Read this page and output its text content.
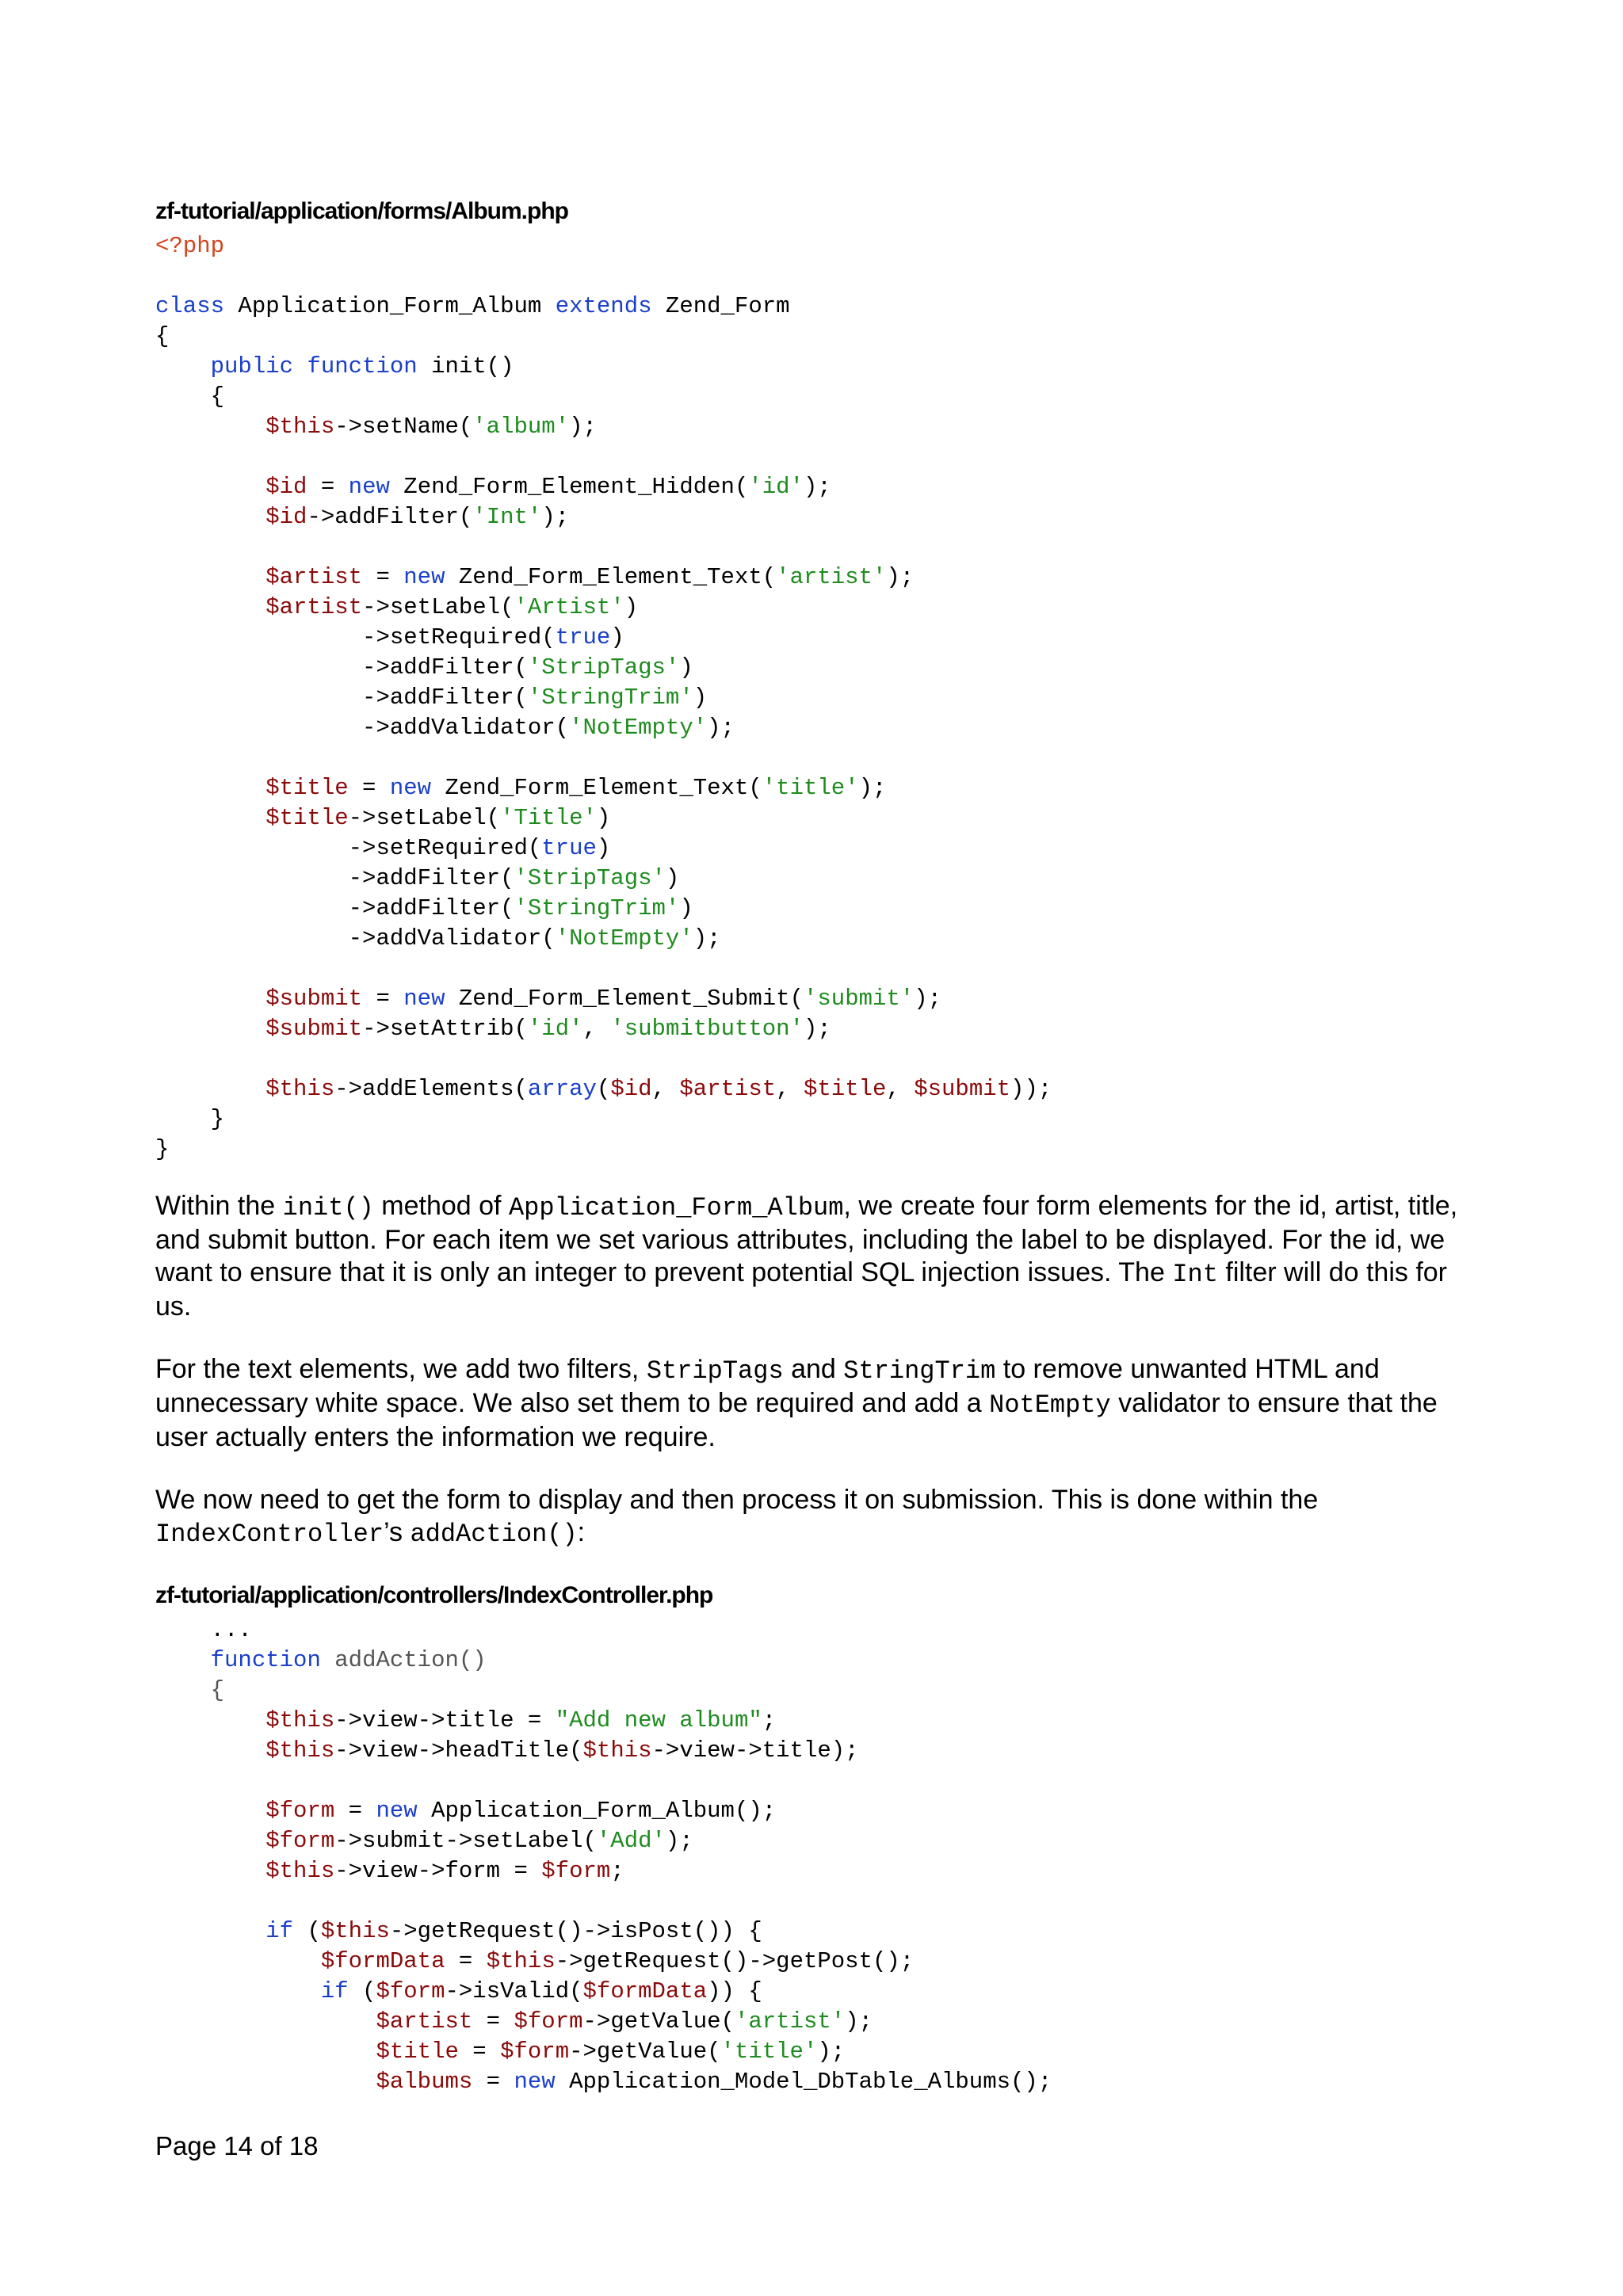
zf-tutorial/application/forms/Album.php
<?php
class Application_Form_Album extends Zend_Form
{
public function init()
{
$this->setName('album');
$id = new Zend_Form_Element_Hidden('id');
$id->addFilter('Int');
$artist = new Zend_Form_Element_Text('artist');
$artist->setLabel('Artist')
->setRequired(true)
->addFilter('StripTags')
->addFilter('StringTrim')
->addValidator('NotEmpty');
$title = new Zend_Form_Element_Text('title');
$title->setLabel('Title')
->setRequired(true)
->addFilter('StripTags')
->addFilter('StringTrim')
->addValidator('NotEmpty');
$submit = new Zend_Form_Element_Submit('submit');
$submit->setAttrib('id', 'submitbutton');
$this->addElements(array($id, $artist, $title, $submit));
}
}

Within the init() method of Application_Form_Album, we create four form elements for the id, artist, title, and submit button. For each item we set various attributes, including the label to be displayed. For the id, we want to ensure that it is only an integer to prevent potential SQL injection issues. The Int filter will do this for us.

For the text elements, we add two filters, StripTags and StringTrim to remove unwanted HTML and unnecessary white space. We also set them to be required and add a NotEmpty validator to ensure that the user actually enters the information we require.

We now need to get the form to display and then process it on submission. This is done within the IndexController’s addAction():

zf-tutorial/application/controllers/IndexController.php
...
function addAction()
{
$this->view->title = "Add new album";
$this->view->headTitle($this->view->title);
$form = new Application_Form_Album();
$form->submit->setLabel('Add');
$this->view->form = $form;
if ($this->getRequest()->isPost()) {
$formData = $this->getRequest()->getPost();
if ($form->isValid($formData)) {
$artist = $form->getValue('artist');
$title = $form->getValue('title');
$albums = new Application_Model_DbTable_Albums();
Page 14 of 18
